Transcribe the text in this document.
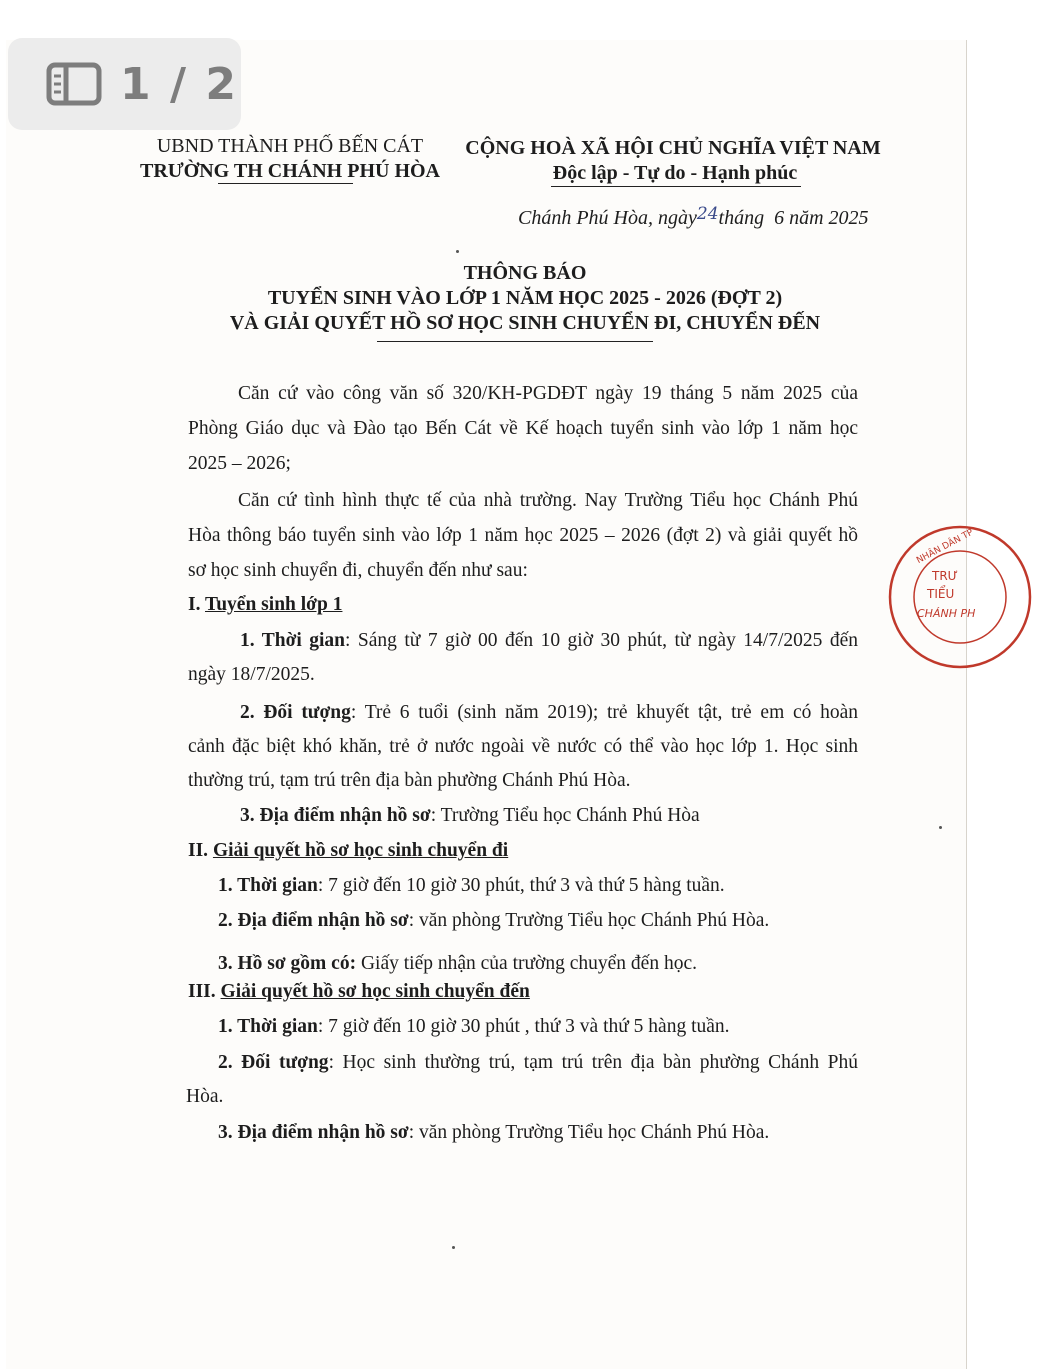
1 / 2
UBND THÀNH PHỐ BẾN CÁT
TRƯỜNG TH CHÁNH PHÚ HÒA
CỘNG HOÀ XÃ HỘI CHỦ NGHĨA VIỆT NAM
Độc lập - Tự do - Hạnh phúc
Chánh Phú Hòa, ngày$^{24}$tháng 6 năm 2025
THÔNG BÁO
TUYỂN SINH VÀO LỚP 1 NĂM HỌC 2025 - 2026 (ĐỢT 2)
VÀ GIẢI QUYẾT HỒ SƠ HỌC SINH CHUYỂN ĐI, CHUYỂN ĐẾN
Căn cứ vào công văn số 320/KH-PGDĐT ngày 19 tháng 5 năm 2025 của
Phòng Giáo dục và Đào tạo Bến Cát về Kế hoạch tuyển sinh vào lớp 1 năm học
2025 – 2026;
Căn cứ tình hình thực tế của nhà trường. Nay Trường Tiểu học Chánh Phú
Hòa thông báo tuyển sinh vào lớp 1 năm học 2025 – 2026 (đợt 2) và giải quyết hồ
sơ học sinh chuyển đi, chuyển đến như sau:
I. Tuyển sinh lớp 1
1. Thời gian: Sáng từ 7 giờ 00 đến 10 giờ 30 phút, từ ngày 14/7/2025 đến
ngày 18/7/2025.
2. Đối tượng: Trẻ 6 tuổi (sinh năm 2019); trẻ khuyết tật, trẻ em có hoàn
cảnh đặc biệt khó khăn, trẻ ở nước ngoài về nước có thể vào học lớp 1. Học sinh
thường trú, tạm trú trên địa bàn phường Chánh Phú Hòa.
3. Địa điểm nhận hồ sơ: Trường Tiểu học Chánh Phú Hòa
II. Giải quyết hồ sơ học sinh chuyển đi
1. Thời gian: 7 giờ đến 10 giờ 30 phút, thứ 3 và thứ 5 hàng tuần.
2. Địa điểm nhận hồ sơ: văn phòng Trường Tiểu học Chánh Phú Hòa.
3. Hồ sơ gồm có: Giấy tiếp nhận của trường chuyển đến học.
III. Giải quyết hồ sơ học sinh chuyển đến
1. Thời gian: 7 giờ đến 10 giờ 30 phút , thứ 3 và thứ 5 hàng tuần.
2. Đối tượng: Học sinh thường trú, tạm trú trên địa bàn phường Chánh Phú
Hòa.
3. Địa điểm nhận hồ sơ: văn phòng Trường Tiểu học Chánh Phú Hòa.
NHÂN DÂN TP
TRƯ
TIỂU
CHÁNH PH
